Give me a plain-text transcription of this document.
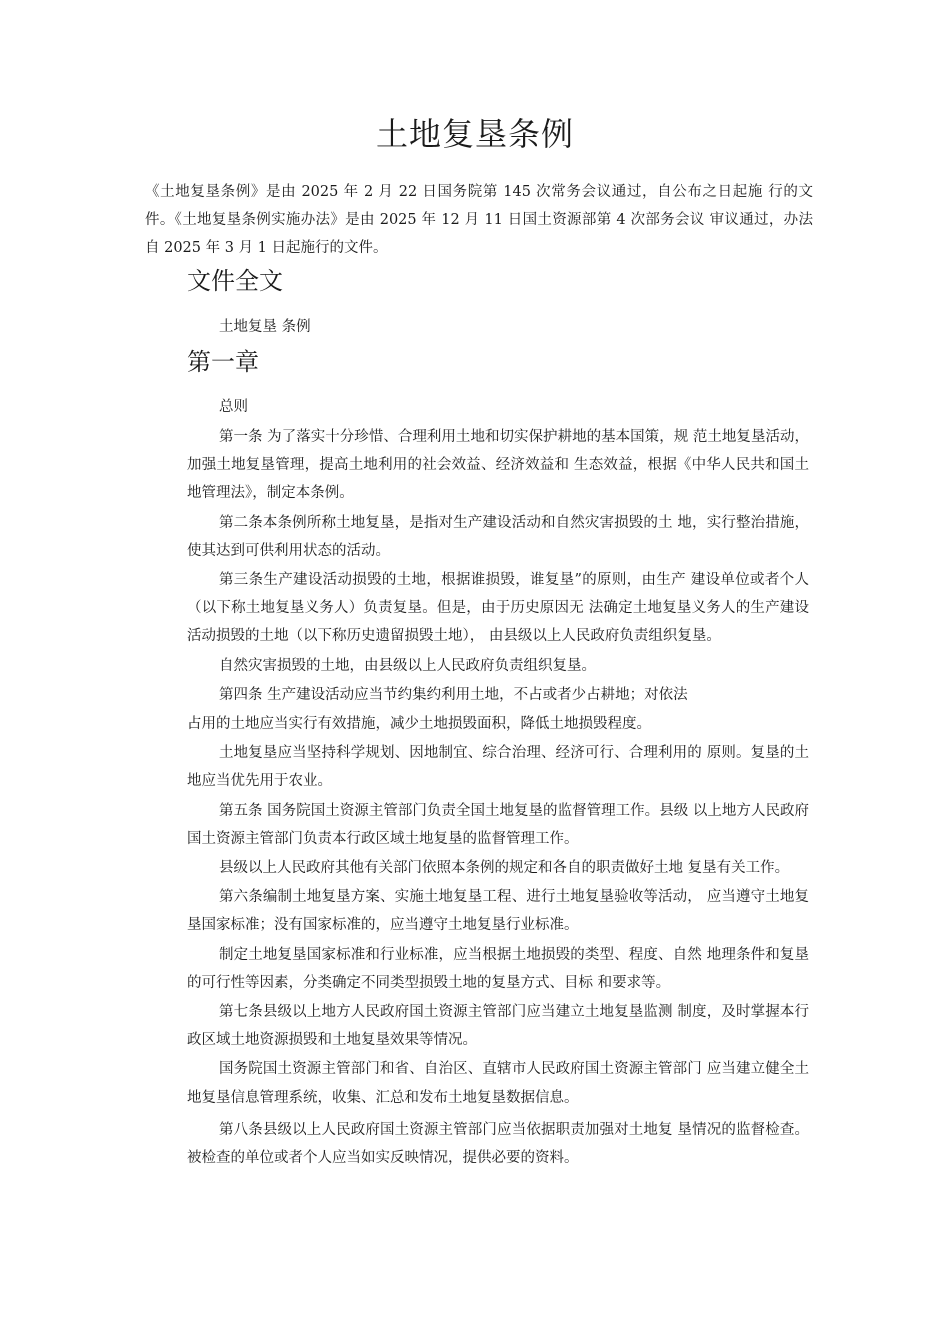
土地复垦条例
《土地复垦条例》是由 2025 年 2 月 22 日国务院第 145 次常务会议通过，自公布之日起施 行的文件。《土地复垦条例实施办法》是由 2025 年 12 月 11 日国土资源部第 4 次部务会议 审议通过，办法自 2025 年 3 月 1 日起施行的文件。
文件全文
土地复垦 条例
第一章
总则

第一条 为了落实十分珍惜、合理利用土地和切实保护耕地的基本国策，规 范土地复垦活动，加强土地复垦管理，提高土地利用的社会效益、经济效益和 生态效益，根据《中华人民共和国土地管理法》，制定本条例。

第二条本条例所称土地复垦，是指对生产建设活动和自然灾害损毁的土 地，实行整治措施，使其达到可供利用状态的活动。

第三条生产建设活动损毁的土地，根据谁损毁，谁复垦”的原则，由生产 建设单位或者个人（以下称土地复垦义务人）负责复垦。但是，由于历史原因无 法确定土地复垦义务人的生产建设活动损毁的土地（以下称历史遗留损毁土地）， 由县级以上人民政府负责组织复垦。

自然灾害损毁的土地，由县级以上人民政府负责组织复垦。

第四条 生产建设活动应当节约集约利用土地，不占或者少占耕地；对依法

占用的土地应当实行有效措施，减少土地损毁面积，降低土地损毁程度。

土地复垦应当坚持科学规划、因地制宜、综合治理、经济可行、合理利用的 原则。复垦的土地应当优先用于农业。

第五条 国务院国土资源主管部门负责全国土地复垦的监督管理工作。县级 以上地方人民政府国土资源主管部门负责本行政区域土地复垦的监督管理工作。

县级以上人民政府其他有关部门依照本条例的规定和各自的职责做好土地 复垦有关工作。

第六条编制土地复垦方案、实施土地复垦工程、进行土地复垦验收等活动， 应当遵守土地复垦国家标准；没有国家标准的，应当遵守土地复垦行业标准。

制定土地复垦国家标准和行业标准，应当根据土地损毁的类型、程度、自然 地理条件和复垦的可行性等因素，分类确定不同类型损毁土地的复垦方式、目标 和要求等。

第七条县级以上地方人民政府国土资源主管部门应当建立土地复垦监测 制度，及时掌握本行政区域土地资源损毁和土地复垦效果等情况。

国务院国土资源主管部门和省、自治区、直辖市人民政府国土资源主管部门 应当建立健全土地复垦信息管理系统，收集、汇总和发布土地复垦数据信息。

第八条县级以上人民政府国土资源主管部门应当依据职责加强对土地复 垦情况的监督检查。被检查的单位或者个人应当如实反映情况，提供必要的资料。
